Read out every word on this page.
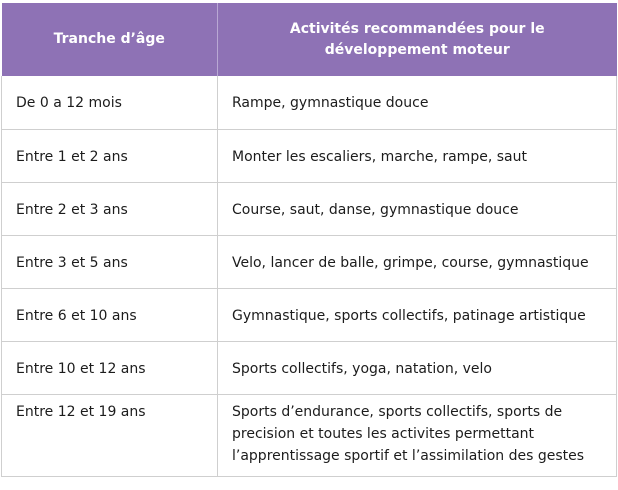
Tranche d’âge	Activités recommandées pour le développement moteur
De 0 a 12 mois	Rampe, gymnastique douce
Entre 1 et 2 ans	Monter les escaliers, marche, rampe, saut
Entre 2 et 3 ans	Course, saut, danse, gymnastique douce
Entre 3 et 5 ans	Velo, lancer de balle, grimpe, course, gymnastique
Entre 6 et 10 ans	Gymnastique, sports collectifs, patinage artistique
Entre 10 et 12 ans	Sports collectifs, yoga, natation, velo
Entre 12 et 19 ans	Sports d’endurance, sports collectifs, sports de precision et toutes les activites permettant l’apprentissage sportif et l’assimilation des gestes
